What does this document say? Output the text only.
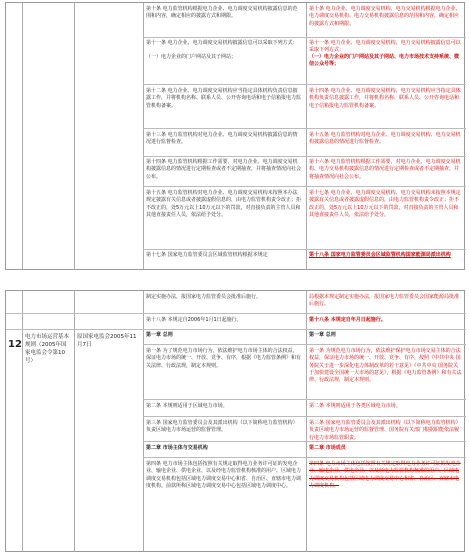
第十条 电力监管机构根据电力企业、电力调度交易机构披露信息的范围和内容，确定相应的披露方式和期限。
第十一条 电力企业、电力调度交易机构披露信息可以采取下列方式：
（一）电力企业的门户网站及其子网站；
第十二条 电力企业、电力调度交易机构应当指定具体机构负责信息披露工作，并将机构名称、联系人员、公开咨询电话和电子信箱报电力监管机构备案。
第十三条 电力监管机构对电力企业、电力调度交易机构披露信息的情况进行监督检查。
第十四条 电力监管机构根据工作需要，对电力企业、电力调度交易机构披露信息的情况进行定期检查或者不定期抽查，并将抽查情况向社会公布。
第十五条 电力监管机构对电力企业、电力调度交易机构未按照本办法规定披露有关信息或者披露虚假信息的，由电力监管机构责令改正；拒不改正的，处5万元以上10万元以下的罚款，对直接负责的主管人员和其他直接责任人员，依法给予处分。
第十七条 国家电力监管委员会区域监管机构根据本规定
第十条 电力企业、电力调度交易机构、电力交易机构根据电力企业、电力调度交易机构、电力交易机构披露信息的范围和内容，确定相应的披露方式和期限。
第十一条 电力企业、电力调度交易机构、电力交易机构披露信息可以采取下列方式：
（一）电力企业的门户网站及其子网站、电力市场技术支持系统、微信公众号等；
第十四条 电力企业、电力调度交易机构、电力交易机构应当指定具体机构负责信息披露工作，并将机构名称、联系人员、公开咨询电话和电子信箱报电力监管机构备案。
第十五条 电力监管机构对电力企业、电力调度交易机构、电力交易机构披露信息的情况进行监督检查。
第十六条 电力监管机构根据工作需要，对电力企业、电力调度交易机构、电力交易机构披露信息的情况进行定期检查或者不定期抽查，并将抽查情况向社会公布。
第十七条 电力企业、电力调度交易机构、电力交易机构未按照本规定披露有关信息或者披露虚假信息的，由电力监管机构责令改正；拒不改正的，处5万元以上10万元以下的罚款，对直接负责的主管人员和其他直接责任人员，依法给予处分。
第十八条 国家电力监管委员会区域监管机构国家能源局派出机构
制定实施办法，报国家电力监管委员会批准后施行。	局根据本规定制定实施办法，报国家电力监管委员会国家能源局批准后施行。
第十八条 本规定自2006年1月1日起施行。	第十八条 本规定自年月日起施行。
12
电力市场运营基本规则（2005年国家电监会令第10号）
原国家电监会2005年11月7日
第一章 总则
第一条 为了规范电力市场行为，依法维护电力市场主体的合法权益，保证电力市场的统一、开放、竞争、有序，根据《电力监管条例》和有关法律、行政法规，制定本规则。
第二条 本规则适用于区域电力市场。
第三条 国家电力监管委员会及其派出机构（以下简称电力监管机构）负责区域电力市场运营的监督管理。
第二章 市场主体与交易机构
第四条 电力市场主体包括按照有关规定取得电力业务许可证的发电企业、输电企业、供电企业、以及经电力监管机构核准的用户。区域电力调度交易机构包括区域电力调度交易中心和省、自治区、直辖市电力调度机构。前款所称区域电力调度交易中心包括区域电力调度中心。
第一章 总则
第一条 为规范电力市场行为，依法维护保护电力市场交易主体的合法权益，保证电力市场的统一、开放、竞争、有序，按照《中共中央 国务院关于进一步深化电力体制改革的若干意见》《中共中央 国务院关于加快建设全国统一大市场的意见》，根据《电力监管条例》和有关法律、行政法规，制定本规则。
第二条 本规则适用于各类区域电力市场。
第三条 国家电力监管委员会及其派出机构（以下简称电力监管机构）负责区域电力市场运营的监督管理、国务院有关部门根据职能依法履行电力市场监管职责。
第二章 市场成员
第四条 电力市场主体包括按照有关规定取得电力业务许可证的发电企业、输电企业、供电企业、以及经电力监管机构核准的用户。区域电力调度交易机构包括区域电力调度交易中心和省、自治区、直辖市电力调度机构。
